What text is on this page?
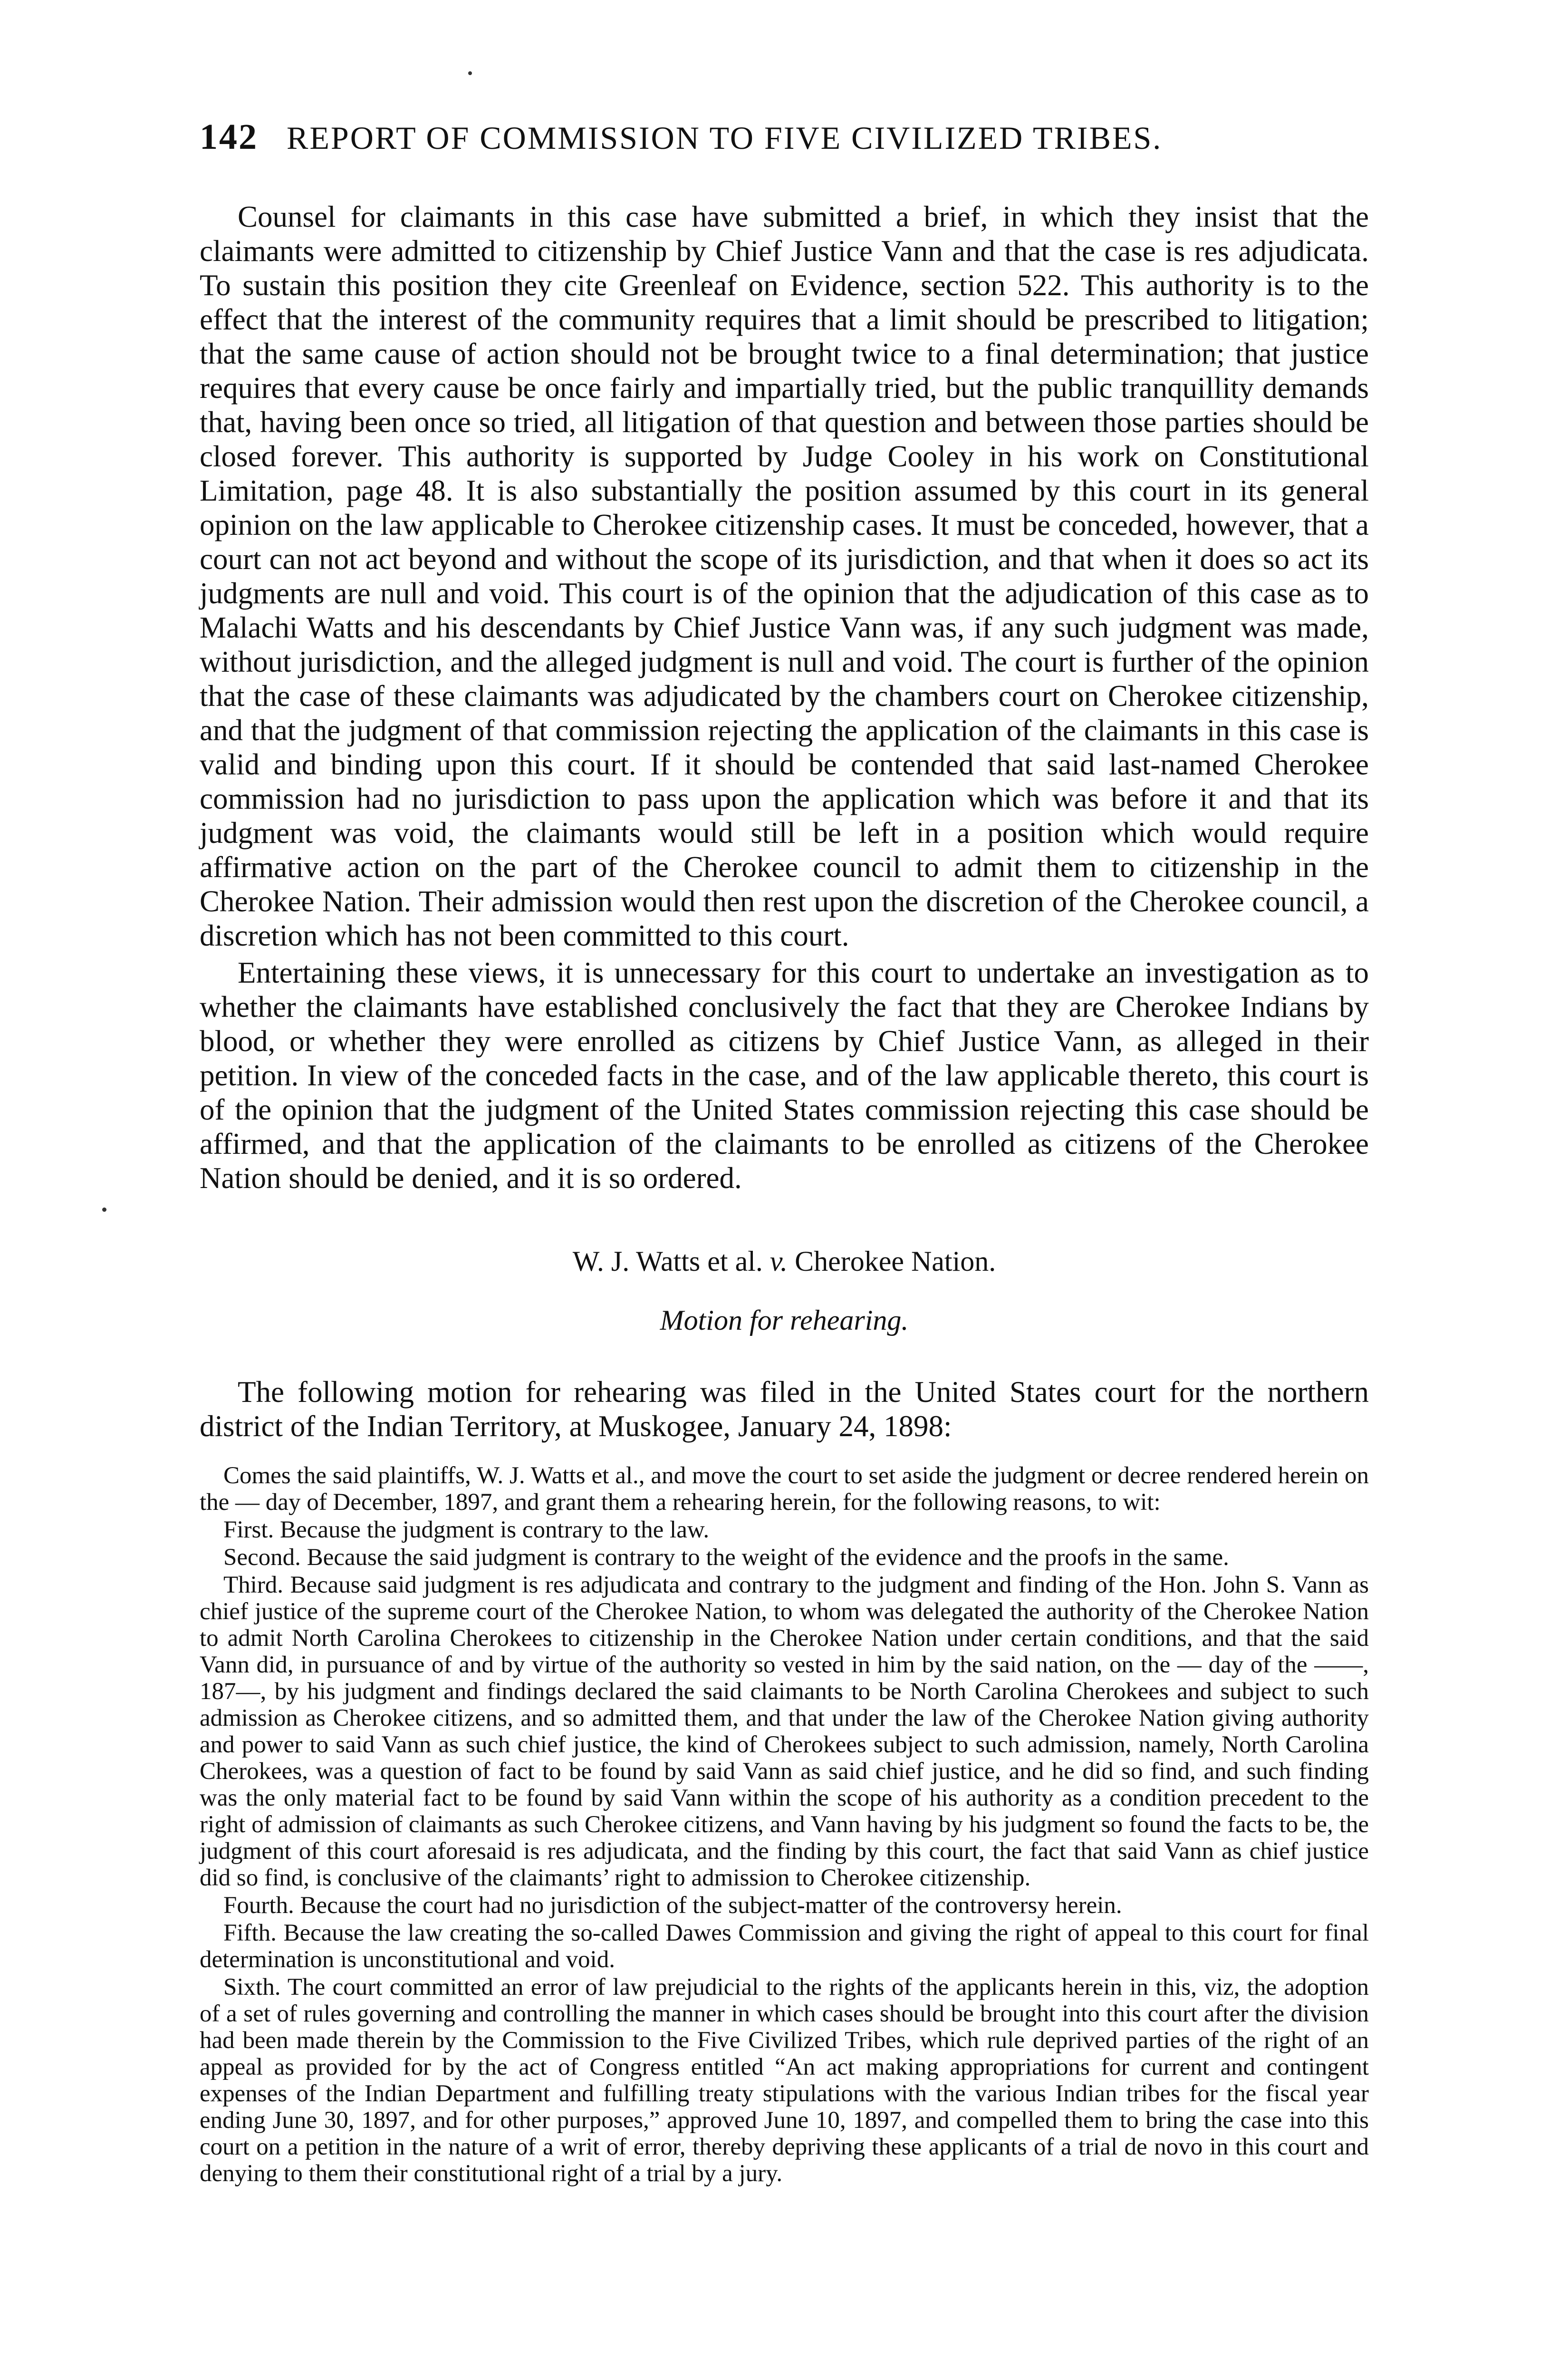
142 REPORT OF COMMISSION TO FIVE CIVILIZED TRIBES.

Counsel for claimants in this case have submitted a brief, in which they insist that the claimants were admitted to citizenship by Chief Justice Vann and that the case is res adjudicata. To sustain this position they cite Greenleaf on Evidence, section 522. This authority is to the effect that the interest of the community requires that a limit should be prescribed to litigation; that the same cause of action should not be brought twice to a final determination; that justice requires that every cause be once fairly and impartially tried, but the public tranquillity demands that, having been once so tried, all litigation of that question and between those parties should be closed forever. This authority is supported by Judge Cooley in his work on Constitutional Limitation, page 48. It is also substantially the position assumed by this court in its general opinion on the law applicable to Cherokee citizenship cases. It must be conceded, however, that a court can not act beyond and without the scope of its jurisdiction, and that when it does so act its judgments are null and void. This court is of the opinion that the adjudication of this case as to Malachi Watts and his descendants by Chief Justice Vann was, if any such judgment was made, without jurisdiction, and the alleged judgment is null and void. The court is further of the opinion that the case of these claimants was adjudicated by the chambers court on Cherokee citizenship, and that the judgment of that commission rejecting the application of the claimants in this case is valid and binding upon this court. If it should be contended that said last-named Cherokee commission had no jurisdiction to pass upon the application which was before it and that its judgment was void, the claimants would still be left in a position which would require affirmative action on the part of the Cherokee council to admit them to citizenship in the Cherokee Nation. Their admission would then rest upon the discretion of the Cherokee council, a discretion which has not been committed to this court.

Entertaining these views, it is unnecessary for this court to undertake an investigation as to whether the claimants have established conclusively the fact that they are Cherokee Indians by blood, or whether they were enrolled as citizens by Chief Justice Vann, as alleged in their petition. In view of the conceded facts in the case, and of the law applicable thereto, this court is of the opinion that the judgment of the United States commission rejecting this case should be affirmed, and that the application of the claimants to be enrolled as citizens of the Cherokee Nation should be denied, and it is so ordered.

W. J. Watts et al. v. Cherokee Nation.
Motion for rehearing.

The following motion for rehearing was filed in the United States court for the northern district of the Indian Territory, at Muskogee, January 24, 1898:

Comes the said plaintiffs, W. J. Watts et al., and move the court to set aside the judgment or decree rendered herein on the — day of December, 1897, and grant them a rehearing herein, for the following reasons, to wit:

First. Because the judgment is contrary to the law.

Second. Because the said judgment is contrary to the weight of the evidence and the proofs in the same.

Third. Because said judgment is res adjudicata and contrary to the judgment and finding of the Hon. John S. Vann as chief justice of the supreme court of the Cherokee Nation, to whom was delegated the authority of the Cherokee Nation to admit North Carolina Cherokees to citizenship in the Cherokee Nation under certain conditions, and that the said Vann did, in pursuance of and by virtue of the authority so vested in him by the said nation, on the — day of the ——, 187—, by his judgment and findings declared the said claimants to be North Carolina Cherokees and subject to such admission as Cherokee citizens, and so admitted them, and that under the law of the Cherokee Nation giving authority and power to said Vann as such chief justice, the kind of Cherokees subject to such admission, namely, North Carolina Cherokees, was a question of fact to be found by said Vann as said chief justice, and he did so find, and such finding was the only material fact to be found by said Vann within the scope of his authority as a condition precedent to the right of admission of claimants as such Cherokee citizens, and Vann having by his judgment so found the facts to be, the judgment of this court aforesaid is res adjudicata, and the finding by this court, the fact that said Vann as chief justice did so find, is conclusive of the claimants’ right to admission to Cherokee citizenship.

Fourth. Because the court had no jurisdiction of the subject-matter of the controversy herein.

Fifth. Because the law creating the so-called Dawes Commission and giving the right of appeal to this court for final determination is unconstitutional and void.

Sixth. The court committed an error of law prejudicial to the rights of the applicants herein in this, viz, the adoption of a set of rules governing and controlling the manner in which cases should be brought into this court after the division had been made therein by the Commission to the Five Civilized Tribes, which rule deprived parties of the right of an appeal as provided for by the act of Congress entitled “An act making appropriations for current and contingent expenses of the Indian Department and fulfilling treaty stipulations with the various Indian tribes for the fiscal year ending June 30, 1897, and for other purposes,” approved June 10, 1897, and compelled them to bring the case into this court on a petition in the nature of a writ of error, thereby depriving these applicants of a trial de novo in this court and denying to them their constitutional right of a trial by a jury.
